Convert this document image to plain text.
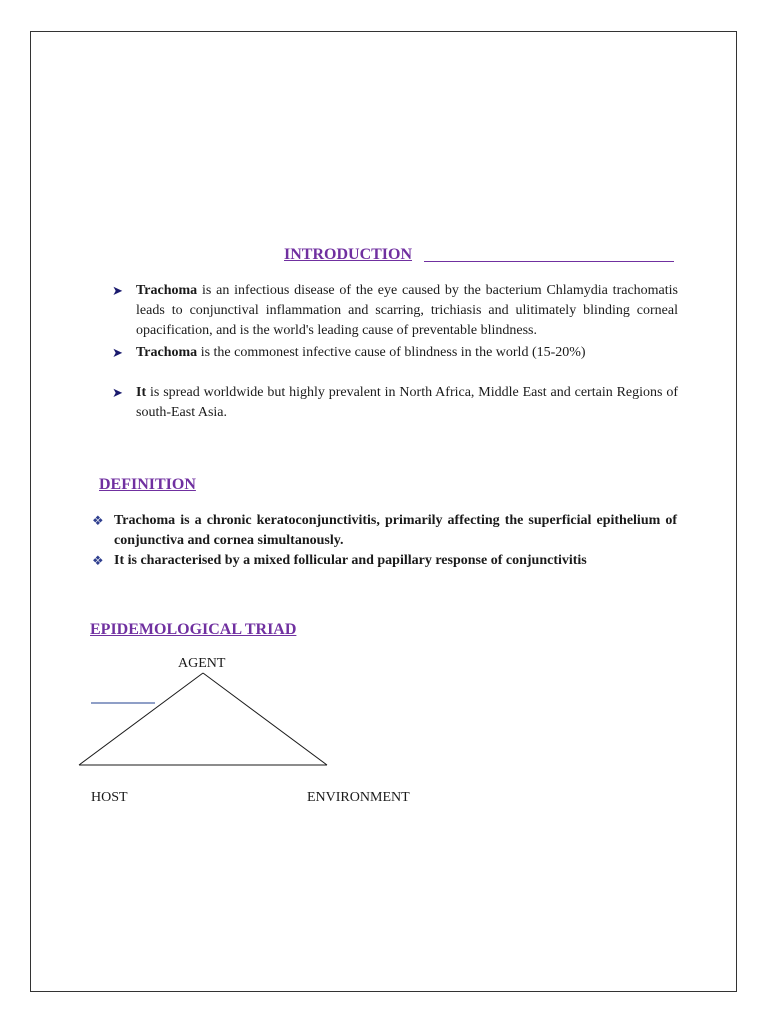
INTRODUCTION
➤ Trachoma is an infectious disease of the eye caused by the bacterium Chlamydia trachomatis leads to conjunctival inflammation and scarring, trichiasis and ulitimately blinding corneal opacification, and is the world's leading cause of preventable blindness.
➤ Trachoma is the commonest infective cause of blindness in the world (15-20%)
➤ It is spread worldwide but highly prevalent in North Africa, Middle East and certain Regions of south-East Asia.
DEFINITION
❖ Trachoma is a chronic keratoconjunctivitis, primarily affecting the superficial epithelium of conjunctiva and cornea simultanously.
❖ It is characterised by a mixed follicular and papillary response of conjunctivitis
EPIDEMOLOGICAL TRIAD
AGENT
HOST	ENVIRONMENT
